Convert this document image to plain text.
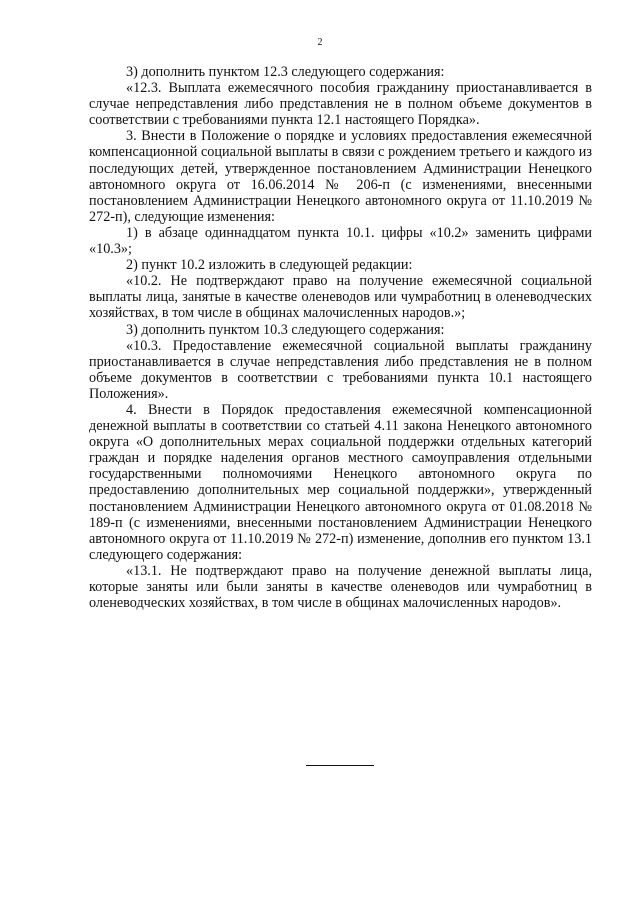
2

3) дополнить пунктом 12.3 следующего содержания:

«12.3. Выплата ежемесячного пособия гражданину приостанавливается в случае непредставления либо представления не в полном объеме документов в соответствии с требованиями пункта 12.1 настоящего Порядка».

3. Внести в Положение о порядке и условиях предоставления ежемесячной компенсационной социальной выплаты в связи с рождением третьего и каждого из последующих детей, утвержденное постановлением Администрации Ненецкого автономного округа от 16.06.2014 № 206-п (с изменениями, внесенными постановлением Администрации Ненецкого автономного округа от 11.10.2019 № 272-п), следующие изменения:

1) в абзаце одиннадцатом пункта 10.1. цифры «10.2» заменить цифрами «10.3»;

2) пункт 10.2 изложить в следующей редакции:

«10.2. Не подтверждают право на получение ежемесячной социальной выплаты лица, занятые в качестве оленеводов или чумработниц в оленеводческих хозяйствах, в том числе в общинах малочисленных народов.»;

3) дополнить пунктом 10.3 следующего содержания:

«10.3. Предоставление ежемесячной социальной выплаты гражданину приостанавливается в случае непредставления либо представления не в полном объеме документов в соответствии с требованиями пункта 10.1 настоящего Положения».

4. Внести в Порядок предоставления ежемесячной компенсационной денежной выплаты в соответствии со статьей 4.11 закона Ненецкого автономного округа «О дополнительных мерах социальной поддержки отдельных категорий граждан и порядке наделения органов местного самоуправления отдельными государственными полномочиями Ненецкого автономного округа по предоставлению дополнительных мер социальной поддержки», утвержденный постановлением Администрации Ненецкого автономного округа от 01.08.2018 № 189-п (с изменениями, внесенными постановлением Администрации Ненецкого автономного округа от 11.10.2019 № 272-п) изменение, дополнив его пунктом 13.1 следующего содержания:

«13.1. Не подтверждают право на получение денежной выплаты лица, которые заняты или были заняты в качестве оленеводов или чумработниц в оленеводческих хозяйствах, в том числе в общинах малочисленных народов».
